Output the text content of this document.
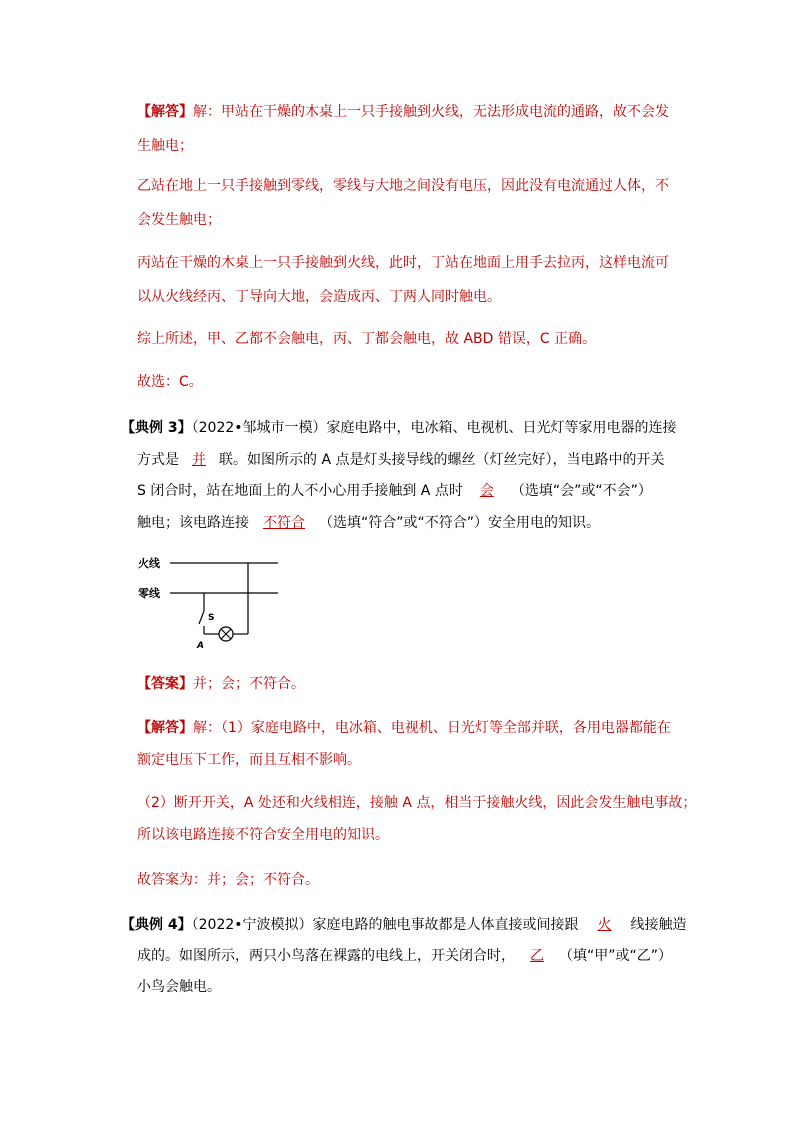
【解答】解：甲站在干燥的木桌上一只手接触到火线，无法形成电流的通路，故不会发
生触电；
乙站在地上一只手接触到零线，零线与大地之间没有电压，因此没有电流通过人体，不
会发生触电；
丙站在干燥的木桌上一只手接触到火线，此时，丁站在地面上用手去拉丙，这样电流可
以从火线经丙、丁导向大地，会造成丙、丁两人同时触电。
综上所述，甲、乙都不会触电，丙、丁都会触电，故 ABD 错误，C 正确。
故选：C。
【典例 3】（2022•邹城市一模）家庭电路中，电冰箱、电视机、日光灯等家用电器的连接
方式是 并 联。如图所示的 A 点是灯头接导线的螺丝（灯丝完好），当电路中的开关
S 闭合时，站在地面上的人不小心用手接触到 A 点时 会 （选填“会”或“不会”）
触电；该电路连接 不符合 （选填“符合”或“不符合”）安全用电的知识。
火线
零线
S
A
【答案】并；会；不符合。
【解答】解：（1）家庭电路中，电冰箱、电视机、日光灯等全部并联，各用电器都能在
额定电压下工作，而且互相不影响。
（2）断开开关，A 处还和火线相连，接触 A 点，相当于接触火线，因此会发生触电事故；
所以该电路连接不符合安全用电的知识。
故答案为：并；会；不符合。
【典例 4】（2022•宁波模拟）家庭电路的触电事故都是人体直接或间接跟 火 线接触造
成的。如图所示，两只小鸟落在裸露的电线上，开关闭合时， 乙 （填“甲”或“乙”）
小鸟会触电。
